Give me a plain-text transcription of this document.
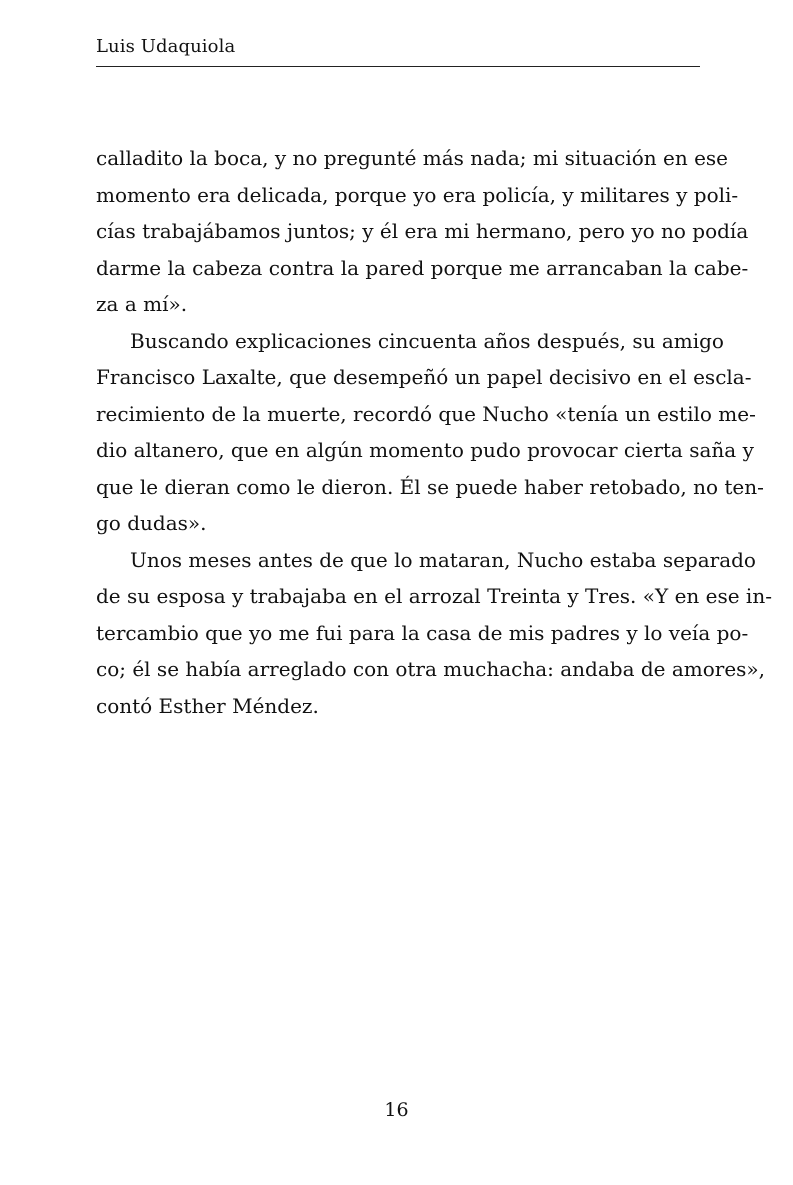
Luis Udaquiola
calladito la boca, y no pregunté más nada; mi situación en ese
momento era delicada, porque yo era policía, y militares y poli-
cías trabajábamos juntos; y él era mi hermano, pero yo no podía
darme la cabeza contra la pared porque me arrancaban la cabe-
za a mí».
Buscando explicaciones cincuenta años después, su amigo
Francisco Laxalte, que desempeñó un papel decisivo en el escla-
recimiento de la muerte, recordó que Nucho «tenía un estilo me-
dio altanero, que en algún momento pudo provocar cierta saña y
que le dieran como le dieron. Él se puede haber retobado, no ten-
go dudas».
Unos meses antes de que lo mataran, Nucho estaba separado
de su esposa y trabajaba en el arrozal Treinta y Tres. «Y en ese in-
tercambio que yo me fui para la casa de mis padres y lo veía po-
co; él se había arreglado con otra muchacha: andaba de amores»,
contó Esther Méndez.
16
